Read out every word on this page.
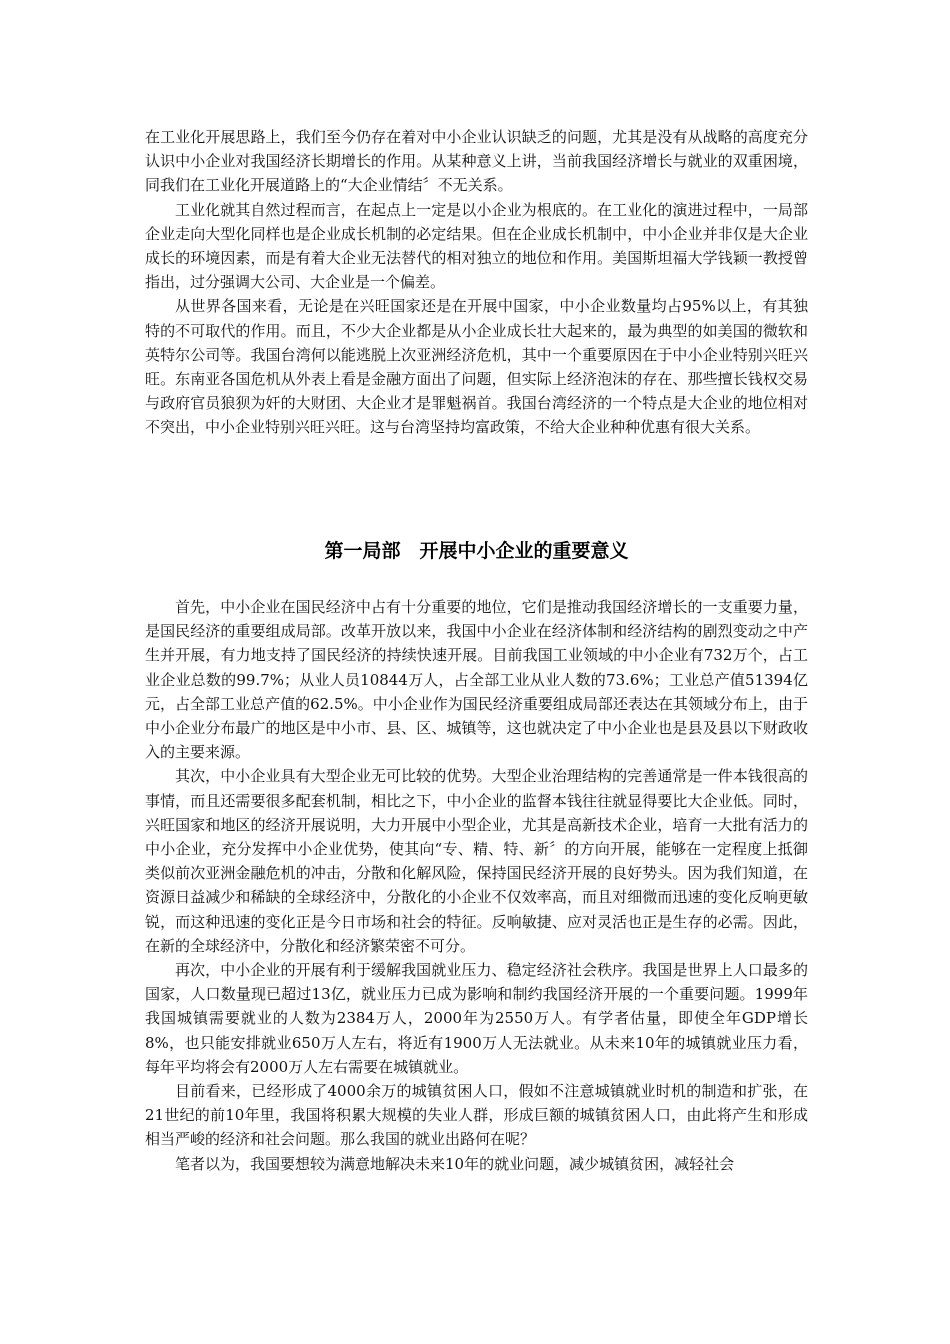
在工业化开展思路上，我们至今仍存在着对中小企业认识缺乏的问题，尤其是没有从战略的高度充分认识中小企业对我国经济长期增长的作用。从某种意义上讲，当前我国经济增长与就业的双重困境，同我们在工业化开展道路上的“大企业情结〞不无关系。

工业化就其自然过程而言，在起点上一定是以小企业为根底的。在工业化的演进过程中，一局部企业走向大型化同样也是企业成长机制的必定结果。但在企业成长机制中，中小企业并非仅是大企业成长的环境因素，而是有着大企业无法替代的相对独立的地位和作用。美国斯坦福大学钱颖一教授曾指出，过分强调大公司、大企业是一个偏差。

从世界各国来看，无论是在兴旺国家还是在开展中国家，中小企业数量均占95%以上，有其独特的不可取代的作用。而且，不少大企业都是从小企业成长壮大起来的，最为典型的如美国的微软和英特尔公司等。我国台湾何以能逃脱上次亚洲经济危机，其中一个重要原因在于中小企业特别兴旺兴旺。东南亚各国危机从外表上看是金融方面出了问题，但实际上经济泡沫的存在、那些擅长钱权交易与政府官员狼狈为奸的大财团、大企业才是罪魁祸首。我国台湾经济的一个特点是大企业的地位相对不突出，中小企业特别兴旺兴旺。这与台湾坚持均富政策，不给大企业种种优惠有很大关系。

第一局部　开展中小企业的重要意义

首先，中小企业在国民经济中占有十分重要的地位，它们是推动我国经济增长的一支重要力量，是国民经济的重要组成局部。改革开放以来，我国中小企业在经济体制和经济结构的剧烈变动之中产生并开展，有力地支持了国民经济的持续快速开展。目前我国工业领域的中小企业有732万个，占工业企业总数的99.7%；从业人员10844万人，占全部工业从业人数的73.6%；工业总产值51394亿元，占全部工业总产值的62.5%。中小企业作为国民经济重要组成局部还表达在其领域分布上，由于中小企业分布最广的地区是中小市、县、区、城镇等，这也就决定了中小企业也是县及县以下财政收入的主要来源。

其次，中小企业具有大型企业无可比较的优势。大型企业治理结构的完善通常是一件本钱很高的事情，而且还需要很多配套机制，相比之下，中小企业的监督本钱往往就显得要比大企业低。同时，兴旺国家和地区的经济开展说明，大力开展中小型企业，尤其是高新技术企业，培育一大批有活力的中小企业，充分发挥中小企业优势，使其向“专、精、特、新〞的方向开展，能够在一定程度上抵御类似前次亚洲金融危机的冲击，分散和化解风险，保持国民经济开展的良好势头。因为我们知道，在资源日益减少和稀缺的全球经济中，分散化的小企业不仅效率高，而且对细微而迅速的变化反响更敏锐，而这种迅速的变化正是今日市场和社会的特征。反响敏捷、应对灵活也正是生存的必需。因此，在新的全球经济中，分散化和经济繁荣密不可分。

再次，中小企业的开展有利于缓解我国就业压力、稳定经济社会秩序。我国是世界上人口最多的国家，人口数量现已超过13亿，就业压力已成为影响和制约我国经济开展的一个重要问题。1999年我国城镇需要就业的人数为2384万人，2000年为2550万人。有学者估量，即使全年GDP增长8%，也只能安排就业650万人左右，将近有1900万人无法就业。从未来10年的城镇就业压力看，每年平均将会有2000万人左右需要在城镇就业。

目前看来，已经形成了4000余万的城镇贫困人口，假如不注意城镇就业时机的制造和扩张，在21世纪的前10年里，我国将积累大规模的失业人群，形成巨额的城镇贫困人口，由此将产生和形成相当严峻的经济和社会问题。那么我国的就业出路何在呢？

笔者以为，我国要想较为满意地解决未来10年的就业问题，减少城镇贫困，减轻社会
